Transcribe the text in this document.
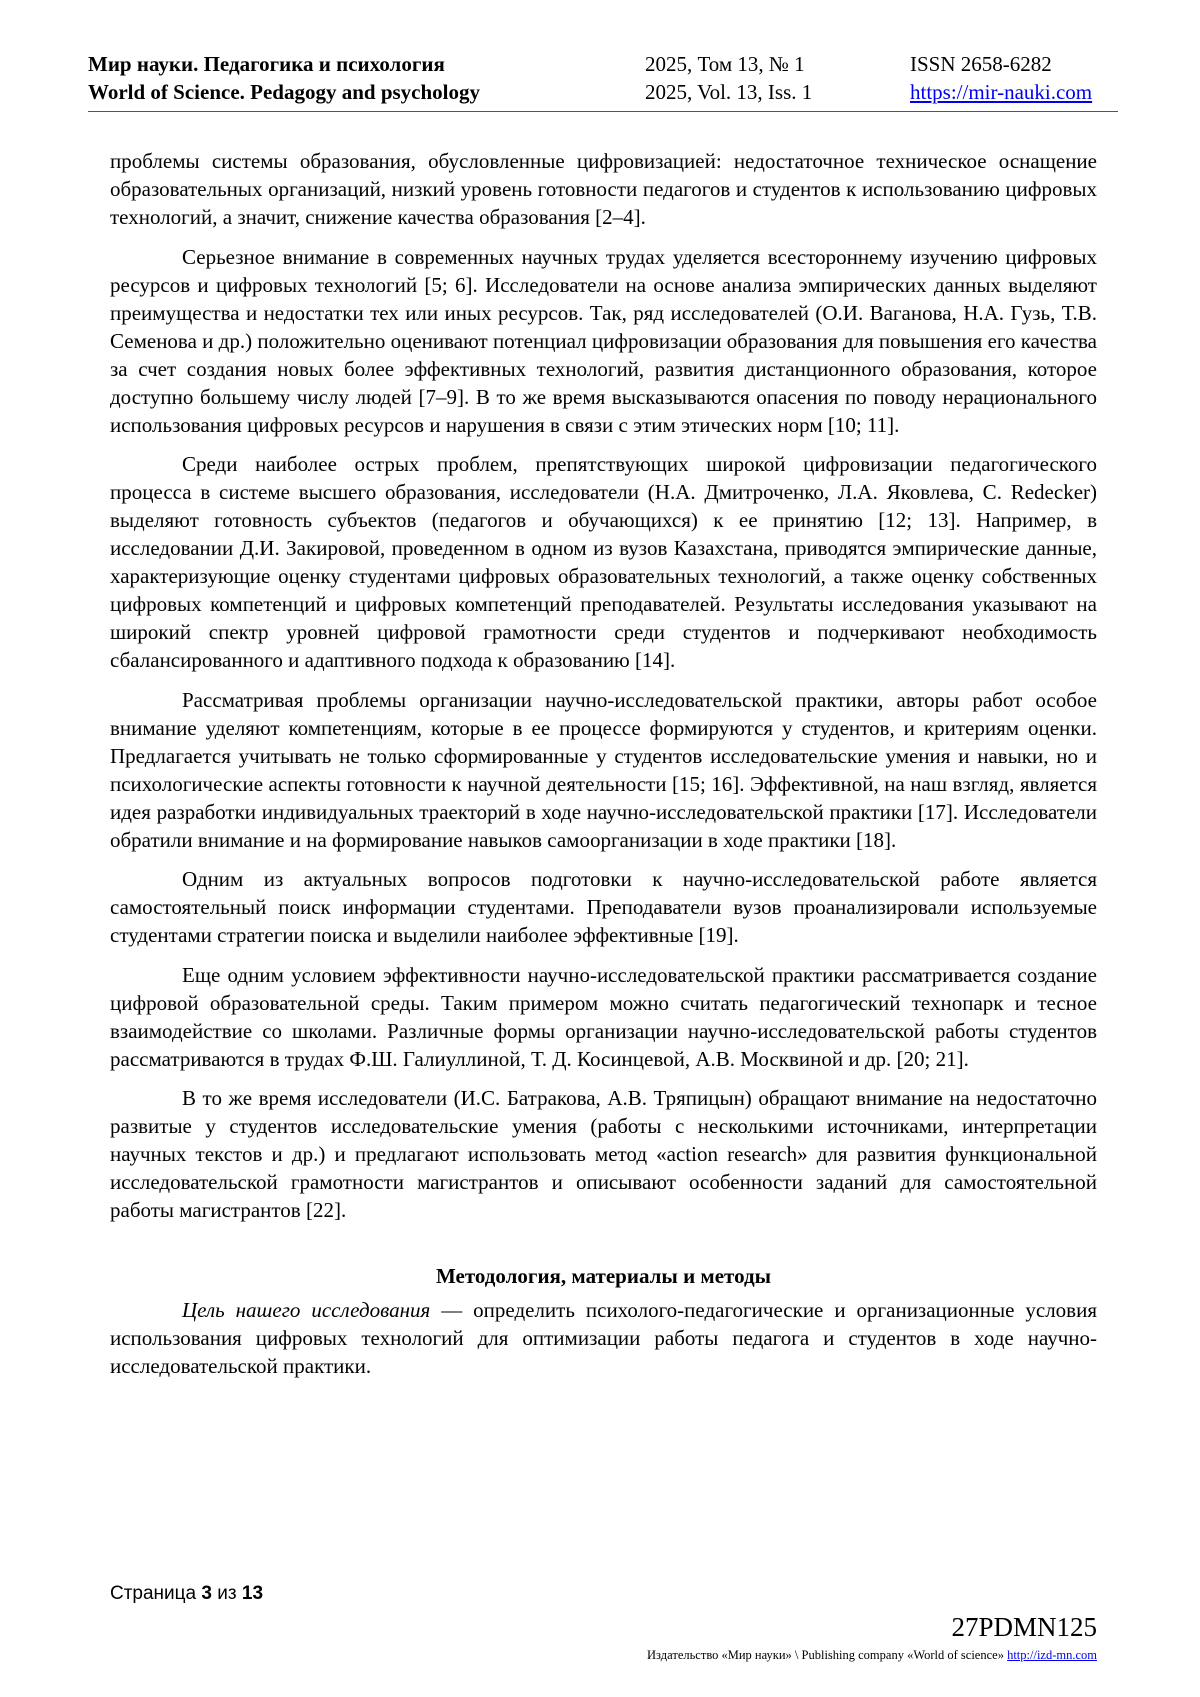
Мир науки. Педагогика и психология
World of Science. Pedagogy and psychology
2025, Том 13, № 1
2025, Vol. 13, Iss. 1
ISSN 2658-6282
https://mir-nauki.com

проблемы системы образования, обусловленные цифровизацией: недостаточное техническое оснащение образовательных организаций, низкий уровень готовности педагогов и студентов к использованию цифровых технологий, а значит, снижение качества образования [2–4].

Серьезное внимание в современных научных трудах уделяется всестороннему изучению цифровых ресурсов и цифровых технологий [5; 6]. Исследователи на основе анализа эмпирических данных выделяют преимущества и недостатки тех или иных ресурсов. Так, ряд исследователей (О.И. Ваганова, Н.А. Гузь, Т.В. Семенова и др.) положительно оценивают потенциал цифровизации образования для повышения его качества за счет создания новых более эффективных технологий, развития дистанционного образования, которое доступно большему числу людей [7–9]. В то же время высказываются опасения по поводу нерационального использования цифровых ресурсов и нарушения в связи с этим этических норм [10; 11].

Среди наиболее острых проблем, препятствующих широкой цифровизации педагогического процесса в системе высшего образования, исследователи (Н.А. Дмитроченко, Л.А. Яковлева, C. Redecker) выделяют готовность субъектов (педагогов и обучающихся) к ее принятию [12; 13]. Например, в исследовании Д.И. Закировой, проведенном в одном из вузов Казахстана, приводятся эмпирические данные, характеризующие оценку студентами цифровых образовательных технологий, а также оценку собственных цифровых компетенций и цифровых компетенций преподавателей. Результаты исследования указывают на широкий спектр уровней цифровой грамотности среди студентов и подчеркивают необходимость сбалансированного и адаптивного подхода к образованию [14].

Рассматривая проблемы организации научно-исследовательской практики, авторы работ особое внимание уделяют компетенциям, которые в ее процессе формируются у студентов, и критериям оценки. Предлагается учитывать не только сформированные у студентов исследовательские умения и навыки, но и психологические аспекты готовности к научной деятельности [15; 16]. Эффективной, на наш взгляд, является идея разработки индивидуальных траекторий в ходе научно-исследовательской практики [17]. Исследователи обратили внимание и на формирование навыков самоорганизации в ходе практики [18].

Одним из актуальных вопросов подготовки к научно-исследовательской работе является самостоятельный поиск информации студентами. Преподаватели вузов проанализировали используемые студентами стратегии поиска и выделили наиболее эффективные [19].

Еще одним условием эффективности научно-исследовательской практики рассматривается создание цифровой образовательной среды. Таким примером можно считать педагогический технопарк и тесное взаимодействие со школами. Различные формы организации научно-исследовательской работы студентов рассматриваются в трудах Ф.Ш. Галиуллиной, Т. Д. Косинцевой, А.В. Москвиной и др. [20; 21].

В то же время исследователи (И.С. Батракова, А.В. Тряпицын) обращают внимание на недостаточно развитые у студентов исследовательские умения (работы с несколькими источниками, интерпретации научных текстов и др.) и предлагают использовать метод «action research» для развития функциональной исследовательской грамотности магистрантов и описывают особенности заданий для самостоятельной работы магистрантов [22].

Методология, материалы и методы

Цель нашего исследования — определить психолого-педагогические и организационные условия использования цифровых технологий для оптимизации работы педагога и студентов в ходе научно-исследовательской практики.

Страница 3 из 13
27PDMN125
Издательство «Мир науки» \ Publishing company «World of science» http://izd-mn.com
